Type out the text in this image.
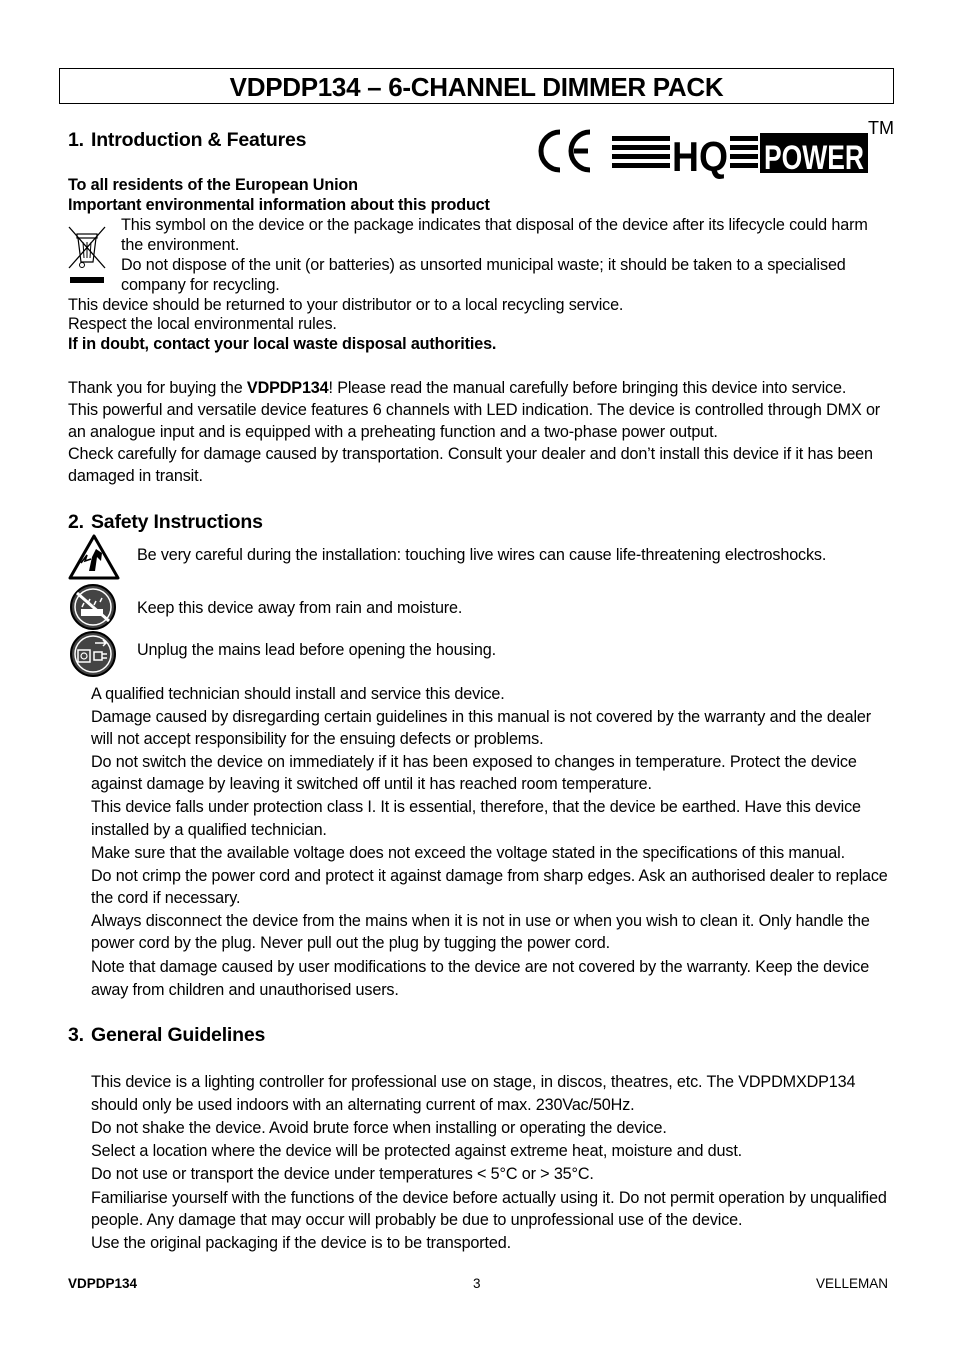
VDPDP134 – 6-CHANNEL DIMMER PACK
HQ POWER
TM
1. Introduction & Features
To all residents of the European Union
Important environmental information about this product
This symbol on the device or the package indicates that disposal of the device after its lifecycle could harm
the environment.
Do not dispose of the unit (or batteries) as unsorted municipal waste; it should be taken to a specialised
company for recycling.
This device should be returned to your distributor or to a local recycling service.
Respect the local environmental rules.
If in doubt, contact your local waste disposal authorities.
Thank you for buying the VDPDP134! Please read the manual carefully before bringing this device into service.
This powerful and versatile device features 6 channels with LED indication. The device is controlled through DMX or
an analogue input and is equipped with a preheating function and a two-phase power output.
Check carefully for damage caused by transportation. Consult your dealer and don’t install this device if it has been
damaged in transit.
2. Safety Instructions
Be very careful during the installation: touching live wires can cause life-threatening electroshocks.
Keep this device away from rain and moisture.
Unplug the mains lead before opening the housing.
A qualified technician should install and service this device.
Damage caused by disregarding certain guidelines in this manual is not covered by the warranty and the dealer
will not accept responsibility for the ensuing defects or problems.
Do not switch the device on immediately if it has been exposed to changes in temperature. Protect the device
against damage by leaving it switched off until it has reached room temperature.
This device falls under protection class I. It is essential, therefore, that the device be earthed. Have this device
installed by a qualified technician.
Make sure that the available voltage does not exceed the voltage stated in the specifications of this manual.
Do not crimp the power cord and protect it against damage from sharp edges. Ask an authorised dealer to replace
the cord if necessary.
Always disconnect the device from the mains when it is not in use or when you wish to clean it. Only handle the
power cord by the plug. Never pull out the plug by tugging the power cord.
Note that damage caused by user modifications to the device are not covered by the warranty. Keep the device
away from children and unauthorised users.
3. General Guidelines
This device is a lighting controller for professional use on stage, in discos, theatres, etc. The VDPDMXDP134
should only be used indoors with an alternating current of max. 230Vac/50Hz.
Do not shake the device. Avoid brute force when installing or operating the device.
Select a location where the device will be protected against extreme heat, moisture and dust.
Do not use or transport the device under temperatures < 5°C or > 35°C.
Familiarise yourself with the functions of the device before actually using it. Do not permit operation by unqualified
people. Any damage that may occur will probably be due to unprofessional use of the device.
Use the original packaging if the device is to be transported.
VDPDP134	3	VELLEMAN
